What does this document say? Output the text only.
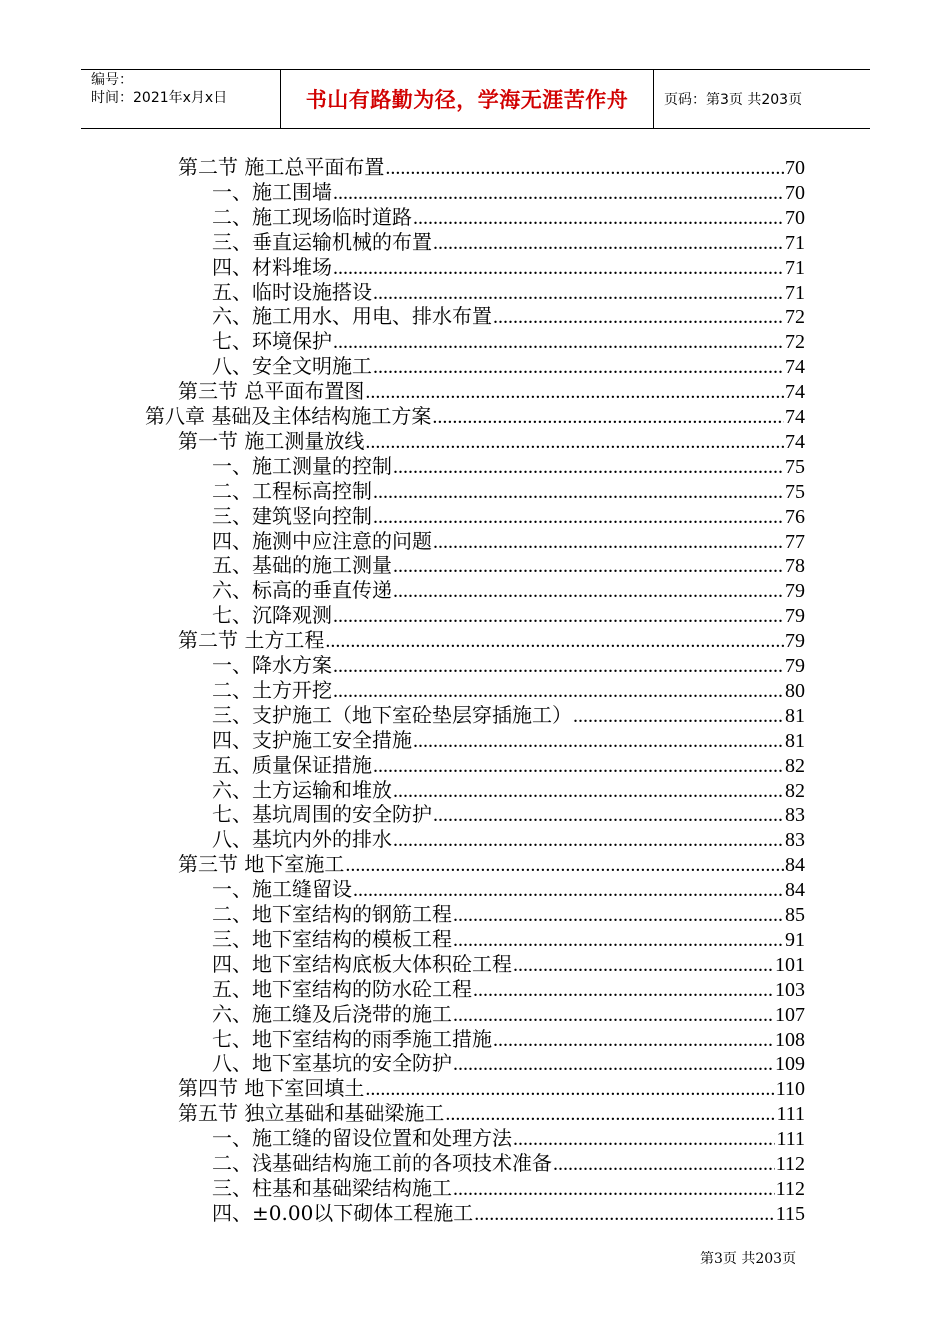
编号：
时间：2021年x月x日	书山有路勤为径，学海无涯苦作舟	页码：第3页 共203页
第二节 施工总平面布置 .....	70
一、施工围墙 .....	70
二、施工现场临时道路 .....	70
三、垂直运输机械的布置 .....	71
四、材料堆场 .....	71
五、临时设施搭设 .....	71
六、施工用水、用电、排水布置 .....	72
七、环境保护 .....	72
八、安全文明施工 .....	74
第三节 总平面布置图 .....	74
第八章 基础及主体结构施工方案 .....	74
第一节 施工测量放线 .....	74
一、施工测量的控制 .....	75
二、工程标高控制 .....	75
三、建筑竖向控制 .....	76
四、施测中应注意的问题 .....	77
五、基础的施工测量 .....	78
六、标高的垂直传递 .....	79
七、沉降观测 .....	79
第二节 土方工程 .....	79
一、降水方案 .....	79
二、土方开挖 .....	80
三、支护施工（地下室砼垫层穿插施工） .....	81
四、支护施工安全措施 .....	81
五、质量保证措施 .....	82
六、土方运输和堆放 .....	82
七、基坑周围的安全防护 .....	83
八、基坑内外的排水 .....	83
第三节 地下室施工 .....	84
一、施工缝留设 .....	84
二、地下室结构的钢筋工程 .....	85
三、地下室结构的模板工程 .....	91
四、地下室结构底板大体积砼工程 .....	101
五、地下室结构的防水砼工程 .....	103
六、施工缝及后浇带的施工 .....	107
七、地下室结构的雨季施工措施 .....	108
八、地下室基坑的安全防护 .....	109
第四节 地下室回填土 .....	110
第五节 独立基础和基础梁施工 .....	111
一、施工缝的留设位置和处理方法 .....	111
二、浅基础结构施工前的各项技术准备 .....	112
三、柱基和基础梁结构施工 .....	112
四、±0.00以下砌体工程施工 .....	115
第3页 共203页
